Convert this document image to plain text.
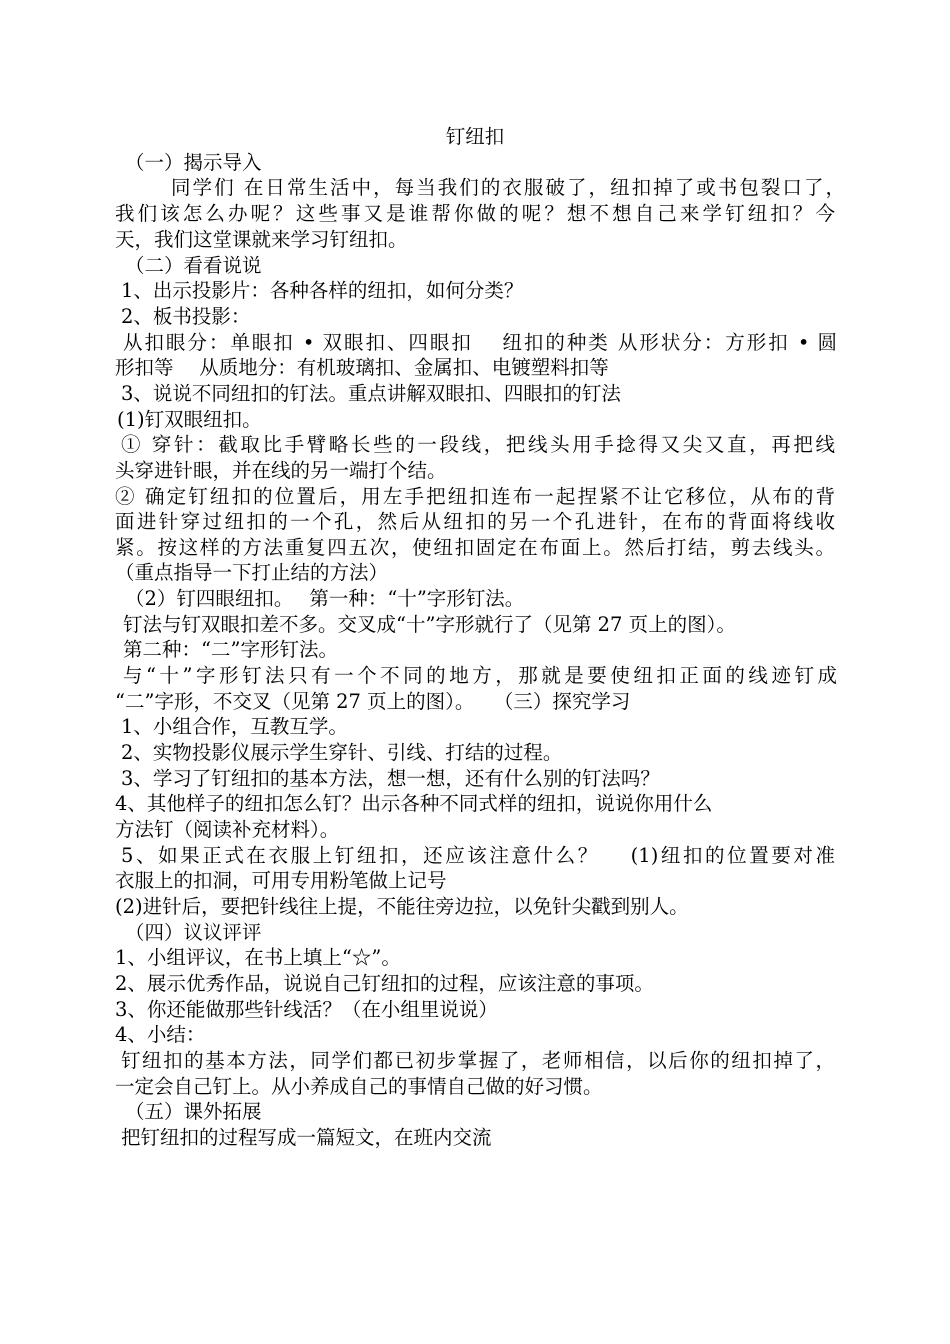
钉纽扣
（一）揭示导入
同学们 在日常生活中，每当我们的衣服破了，纽扣掉了或书包裂口了，
我们该怎么办呢？这些事又是谁帮你做的呢？想不想自己来学钉纽扣？今
天，我们这堂课就来学习钉纽扣。
（二）看看说说
1、出示投影片：各种各样的纽扣，如何分类？
2、板书投影：
从扣眼分：单眼扣 • 双眼扣、四眼扣　 纽扣的种类 从形状分：方形扣 • 圆
形扣等　 从质地分：有机玻璃扣、金属扣、电镀塑料扣等
3、说说不同纽扣的钉法。重点讲解双眼扣、四眼扣的钉法
(1)钉双眼纽扣。
① 穿针：截取比手臂略长些的一段线，把线头用手捻得又尖又直，再把线
头穿进针眼，并在线的另一端打个结。
② 确定钉纽扣的位置后，用左手把纽扣连布一起捏紧不让它移位，从布的背
面进针穿过纽扣的一个孔，然后从纽扣的另一个孔进针，在布的背面将线收
紧。按这样的方法重复四五次，使纽扣固定在布面上。然后打结，剪去线头。
（重点指导一下打止结的方法）
（2）钉四眼纽扣。　 第一种：“十”字形钉法。
钉法与钉双眼扣差不多。交叉成“十”字形就行了（见第 27 页上的图）。
第二种：“二”字形钉法。
与“十”字形钉法只有一个不同的地方，那就是要使纽扣正面的线迹钉成
“二”字形，不交叉（见第 27 页上的图）。　　（三）探究学习
1、小组合作，互教互学。
2、实物投影仪展示学生穿针、引线、打结的过程。
3、学习了钉纽扣的基本方法，想一想，还有什么别的钉法吗？
4、其他样子的纽扣怎么钉？出示各种不同式样的纽扣，说说你用什么
方法钉（阅读补充材料）。
5、如果正式在衣服上钉纽扣，还应该注意什么？　 (1)纽扣的位置要对准
衣服上的扣洞，可用专用粉笔做上记号
(2)进针后，要把针线往上提，不能往旁边拉，以免针尖戳到别人。
（四）议议评评
1、小组评议，在书上填上“☆”。
2、展示优秀作品，说说自己钉纽扣的过程，应该注意的事项。
3、你还能做那些针线活？（在小组里说说）
4、小结：
钉纽扣的基本方法，同学们都已初步掌握了，老师相信，以后你的纽扣掉了，
一定会自己钉上。从小养成自己的事情自己做的好习惯。
（五）课外拓展
把钉纽扣的过程写成一篇短文，在班内交流
